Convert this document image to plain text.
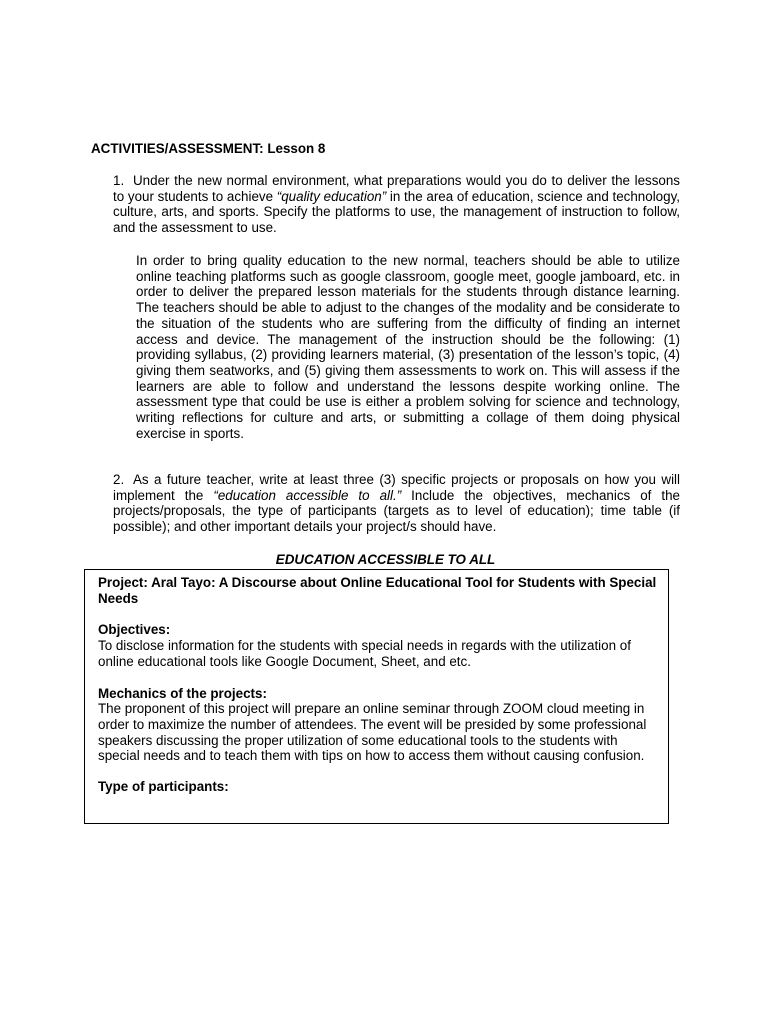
ACTIVITIES/ASSESSMENT: Lesson 8
1. Under the new normal environment, what preparations would you do to deliver the lessons to your students to achieve “quality education” in the area of education, science and technology, culture, arts, and sports. Specify the platforms to use, the management of instruction to follow, and the assessment to use.
In order to bring quality education to the new normal, teachers should be able to utilize online teaching platforms such as google classroom, google meet, google jamboard, etc. in order to deliver the prepared lesson materials for the students through distance learning. The teachers should be able to adjust to the changes of the modality and be considerate to the situation of the students who are suffering from the difficulty of finding an internet access and device. The management of the instruction should be the following: (1) providing syllabus, (2) providing learners material, (3) presentation of the lesson’s topic, (4) giving them seatworks, and (5) giving them assessments to work on. This will assess if the learners are able to follow and understand the lessons despite working online. The assessment type that could be use is either a problem solving for science and technology, writing reflections for culture and arts, or submitting a collage of them doing physical exercise in sports.
2. As a future teacher, write at least three (3) specific projects or proposals on how you will implement the “education accessible to all.” Include the objectives, mechanics of the projects/proposals, the type of participants (targets as to level of education); time table (if possible); and other important details your project/s should have.
EDUCATION ACCESSIBLE TO ALL
Project: Aral Tayo: A Discourse about Online Educational Tool for Students with Special Needs
Objectives:
To disclose information for the students with special needs in regards with the utilization of online educational tools like Google Document, Sheet, and etc.
Mechanics of the projects:
The proponent of this project will prepare an online seminar through ZOOM cloud meeting in order to maximize the number of attendees. The event will be presided by some professional speakers discussing the proper utilization of some educational tools to the students with special needs and to teach them with tips on how to access them without causing confusion.
Type of participants:
